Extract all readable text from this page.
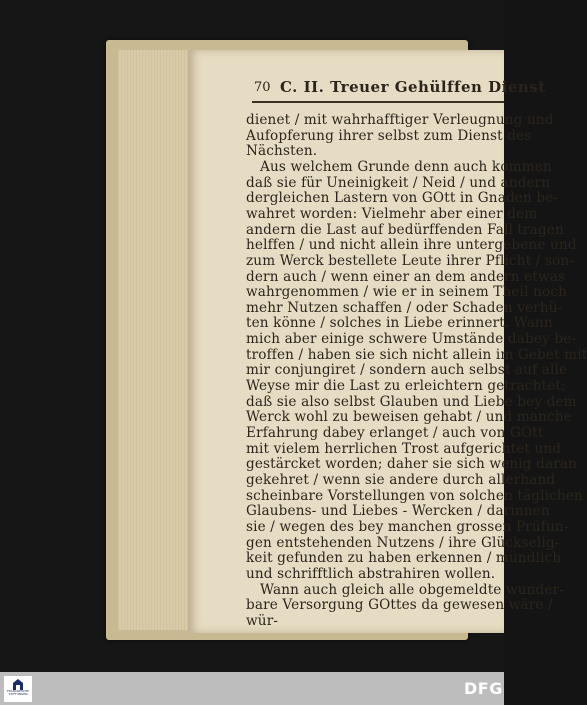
70 C. II. Treuer Gehülffen Dienst
dienet / mit wahrhafftiger Verleugnung und
Aufopferung ihrer selbst zum Dienst des
Nächsten.
Aus welchem Grunde denn auch kommen
daß sie für Uneinigkeit / Neid / und andern
dergleichen Lastern von GOtt in Gnaden be-
wahret worden: Vielmehr aber einer dem
andern die Last auf bedürffenden Fall tragen
helffen / und nicht allein ihre untergebene und
zum Werck bestellete Leute ihrer Pflicht / son-
dern auch / wenn einer an dem andern etwas
wahrgenommen / wie er in seinem Theil noch
mehr Nutzen schaffen / oder Schaden verhü-
ten könne / solches in Liebe erinnert. Wann
mich aber einige schwere Umstände dabey be-
troffen / haben sie sich nicht allein im Gebet mit
mir conjungiret / sondern auch selbst auf alle
Weyse mir die Last zu erleichtern getrachtet;
daß sie also selbst Glauben und Liebe bey dem
Werck wohl zu beweisen gehabt / und manche
Erfahrung dabey erlanget / auch von GOtt
mit vielem herrlichen Trost aufgerichtet und
gestärcket worden; daher sie sich wenig daran
gekehret / wenn sie andere durch allerhand
scheinbare Vorstellungen von solchen täglichen
Glaubens- und Liebes - Wercken / darinnen
sie / wegen des bey manchen grossen Prüfun-
gen entstehenden Nutzens / ihre Glückselig-
keit gefunden zu haben erkennen / mündlich
und schrifftlich abstrahiren wollen.
Wann auch gleich alle obgemeldte wunder-
bare Versorgung GOttes da gewesen wäre /
wür-
FRANCKESCHE STIFTUNGEN	DFG
